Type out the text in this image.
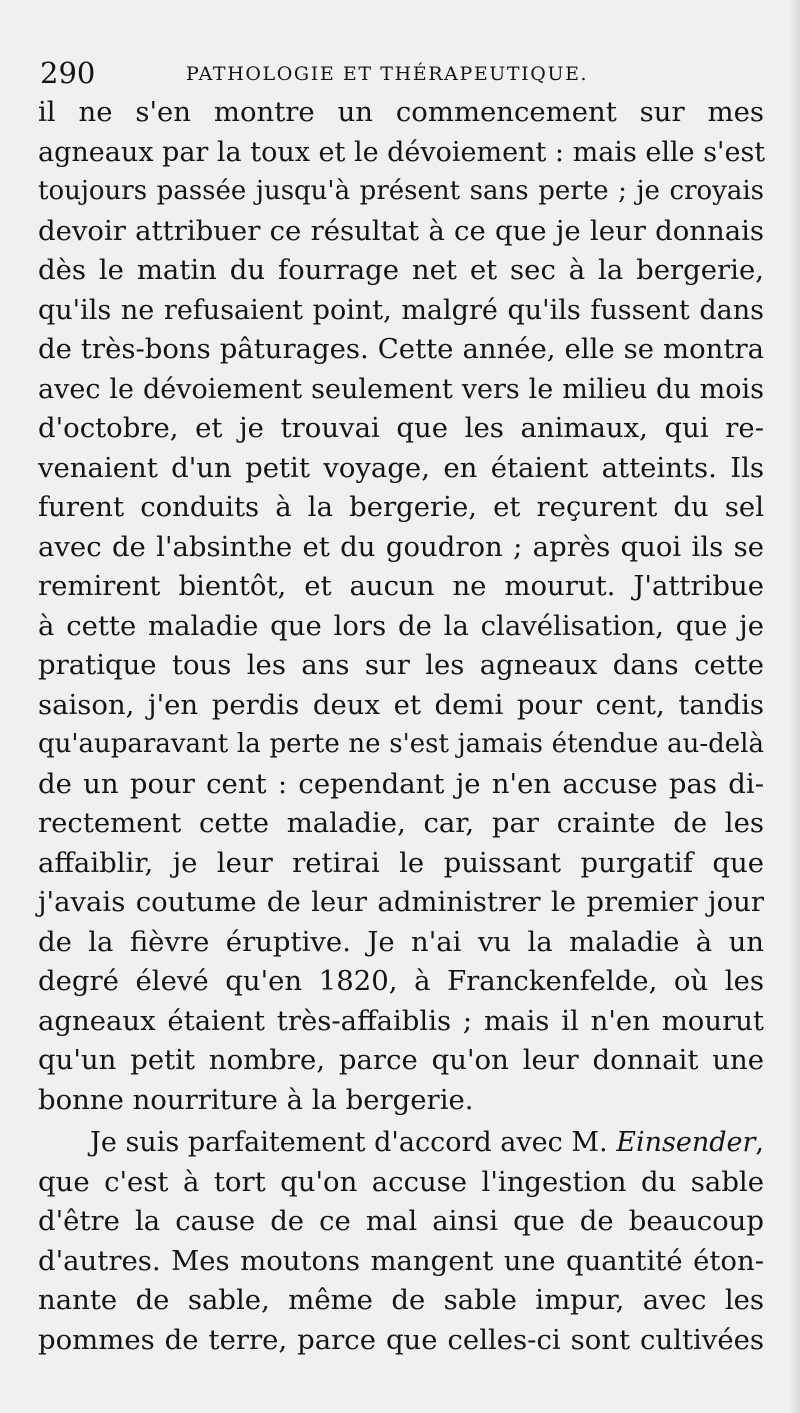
290	PATHOLOGIE ET THÉRAPEUTIQUE.
il ne s'en montre un commencement sur mes
agneaux par la toux et le dévoiement : mais elle s'est
toujours passée jusqu'à présent sans perte ; je croyais
devoir attribuer ce résultat à ce que je leur donnais
dès le matin du fourrage net et sec à la bergerie,
qu'ils ne refusaient point, malgré qu'ils fussent dans
de très-bons pâturages. Cette année, elle se montra
avec le dévoiement seulement vers le milieu du mois
d'octobre, et je trouvai que les animaux, qui re-
venaient d'un petit voyage, en étaient atteints. Ils
furent conduits à la bergerie, et reçurent du sel
avec de l'absinthe et du goudron ; après quoi ils se
remirent bientôt, et aucun ne mourut. J'attribue
à cette maladie que lors de la clavélisation, que je
pratique tous les ans sur les agneaux dans cette
saison, j'en perdis deux et demi pour cent, tandis
qu'auparavant la perte ne s'est jamais étendue au-delà
de un pour cent : cependant je n'en accuse pas di-
rectement cette maladie, car, par crainte de les
affaiblir, je leur retirai le puissant purgatif que
j'avais coutume de leur administrer le premier jour
de la fièvre éruptive. Je n'ai vu la maladie à un
degré élevé qu'en 1820, à Franckenfelde, où les
agneaux étaient très-affaiblis ; mais il n'en mourut
qu'un petit nombre, parce qu'on leur donnait une
bonne nourriture à la bergerie.
Je suis parfaitement d'accord avec M. Einsender,
que c'est à tort qu'on accuse l'ingestion du sable
d'être la cause de ce mal ainsi que de beaucoup
d'autres. Mes moutons mangent une quantité éton-
nante de sable, même de sable impur, avec les
pommes de terre, parce que celles-ci sont cultivées
